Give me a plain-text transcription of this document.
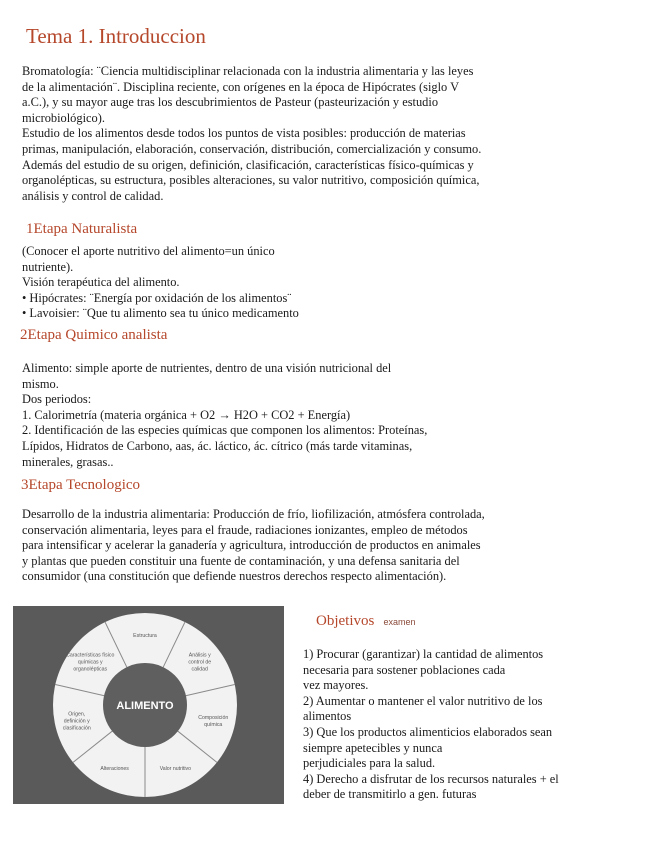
Tema 1. Introduccion
Bromatología: ¨Ciencia multidisciplinar relacionada con la industria alimentaria y las leyes
de la alimentación¨. Disciplina reciente, con orígenes en la época de Hipócrates (siglo V
a.C.), y su mayor auge tras los descubrimientos de Pasteur (pasteurización y estudio
microbiológico).
Estudio de los alimentos desde todos los puntos de vista posibles: producción de materias
primas, manipulación, elaboración, conservación, distribución, comercialización y consumo.
Además del estudio de su origen, definición, clasificación, características físico-químicas y
organolépticas, su estructura, posibles alteraciones, su valor nutritivo, composición química,
análisis y control de calidad.
1Etapa Naturalista
(Conocer el aporte nutritivo del alimento=un único
nutriente).
Visión terapéutica del alimento.
• Hipócrates: ¨Energía por oxidación de los alimentos¨
• Lavoisier: ¨Que tu alimento sea tu único medicamento
2Etapa Quimico analista
Alimento: simple aporte de nutrientes, dentro de una visión nutricional del
mismo.
Dos periodos:
1. Calorimetría (materia orgánica + O2 → H2O + CO2 + Energía)
2. Identificación de las especies químicas que componen los alimentos: Proteínas,
Lípidos, Hidratos de Carbono, aas, ác. láctico, ác. cítrico (más tarde vitaminas,
minerales, grasas..
3Etapa Tecnologico
Desarrollo de la industria alimentaria: Producción de frío, liofilización, atmósfera controlada,
conservación alimentaria, leyes para el fraude, radiaciones ionizantes, empleo de métodos
para intensificar y acelerar la ganadería y agricultura, introducción de productos en animales
y plantas que pueden constituir una fuente de contaminación, y una defensa sanitaria del
consumidor (una constitución que defiende nuestros derechos respecto alimentación).
ALIMENTO
Estructura
Análisis y
control de
calidad
Composición
química
Valor nutritivo
Alteraciones
Origen,
definición y
clasificación
Características físico
químicas y
organolépticas
Objetivos examen
1) Procurar (garantizar) la cantidad de alimentos
necesaria para sostener poblaciones cada
vez mayores.
2) Aumentar o mantener el valor nutritivo de los
alimentos
3) Que los productos alimenticios elaborados sean
siempre apetecibles y nunca
perjudiciales para la salud.
4) Derecho a disfrutar de los recursos naturales + el
deber de transmitirlo a gen. futuras
